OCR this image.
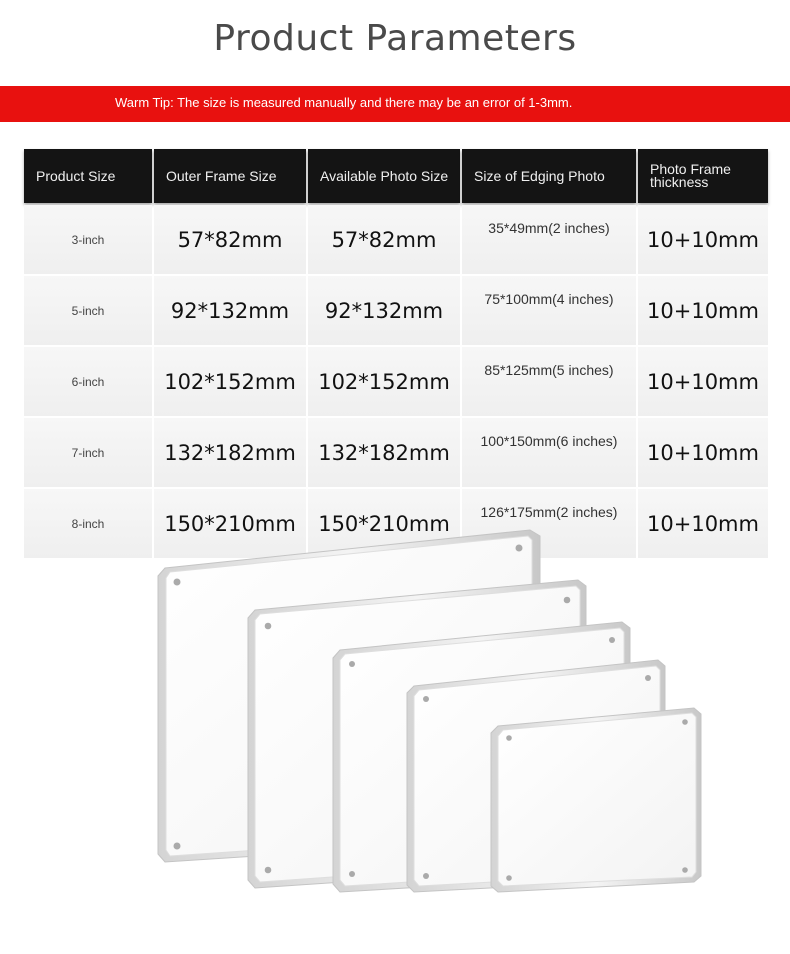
Product Parameters
Warm Tip: The size is measured manually and there may be an error of 1-3mm.
Product Size	Outer Frame Size	Available Photo Size	Size of Edging Photo	Photo Frame thickness
3-inch	57*82mm	57*82mm	35*49mm(2 inches)	10+10mm
5-inch	92*132mm	92*132mm	75*100mm(4 inches)	10+10mm
6-inch	102*152mm	102*152mm	85*125mm(5 inches)	10+10mm
7-inch	132*182mm	132*182mm	100*150mm(6 inches)	10+10mm
8-inch	150*210mm	150*210mm	126*175mm(2 inches)	10+10mm
